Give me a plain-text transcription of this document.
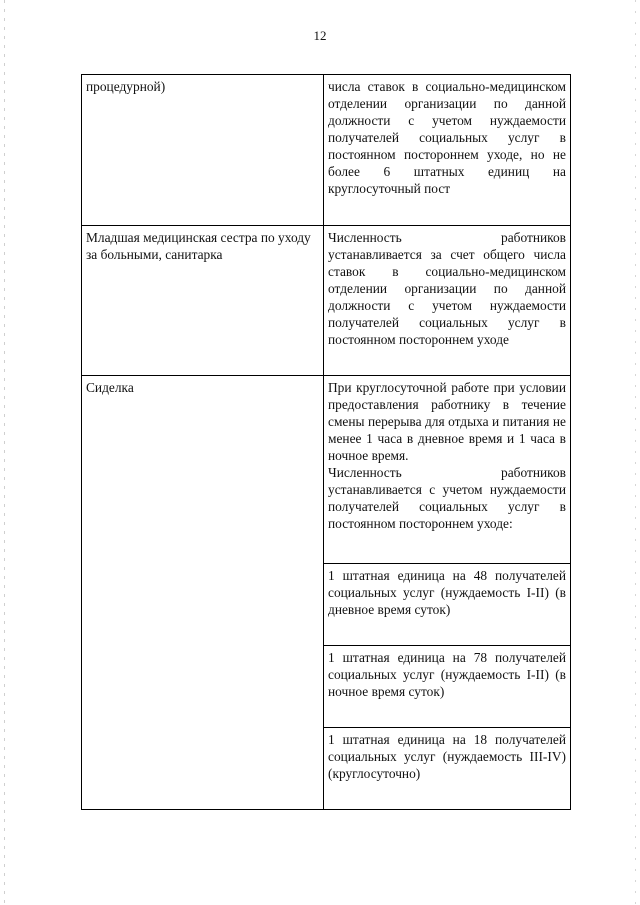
12
процедурной)	числа ставок в социально-медицинском отделении организации по данной должности с учетом нуждаемости получателей социальных услуг в постоянном постороннем уходе, но не более 6 штатных единиц на круглосуточный пост

Младшая медицинская сестра по уходу за больными, санитарка	Численность работников устанавливается за счет общего числа ставок в социально-медицинском отделении организации по данной должности с учетом нуждаемости получателей социальных услуг в постоянном постороннем уходе

Сиделка	При круглосуточной работе при условии предоставления работнику в течение смены перерыва для отдыха и питания не менее 1 часа в дневное время и 1 часа в ночное время.
Численность работников устанавливается с учетом нуждаемости получателей социальных услуг в постоянном постороннем уходе:

	1 штатная единица на 48 получателей социальных услуг (нуждаемость I-II) (в дневное время суток)
	1 штатная единица на 78 получателей социальных услуг (нуждаемость I-II) (в ночное время суток)
	1 штатная единица на 18 получателей социальных услуг (нуждаемость III-IV) (круглосуточно)
